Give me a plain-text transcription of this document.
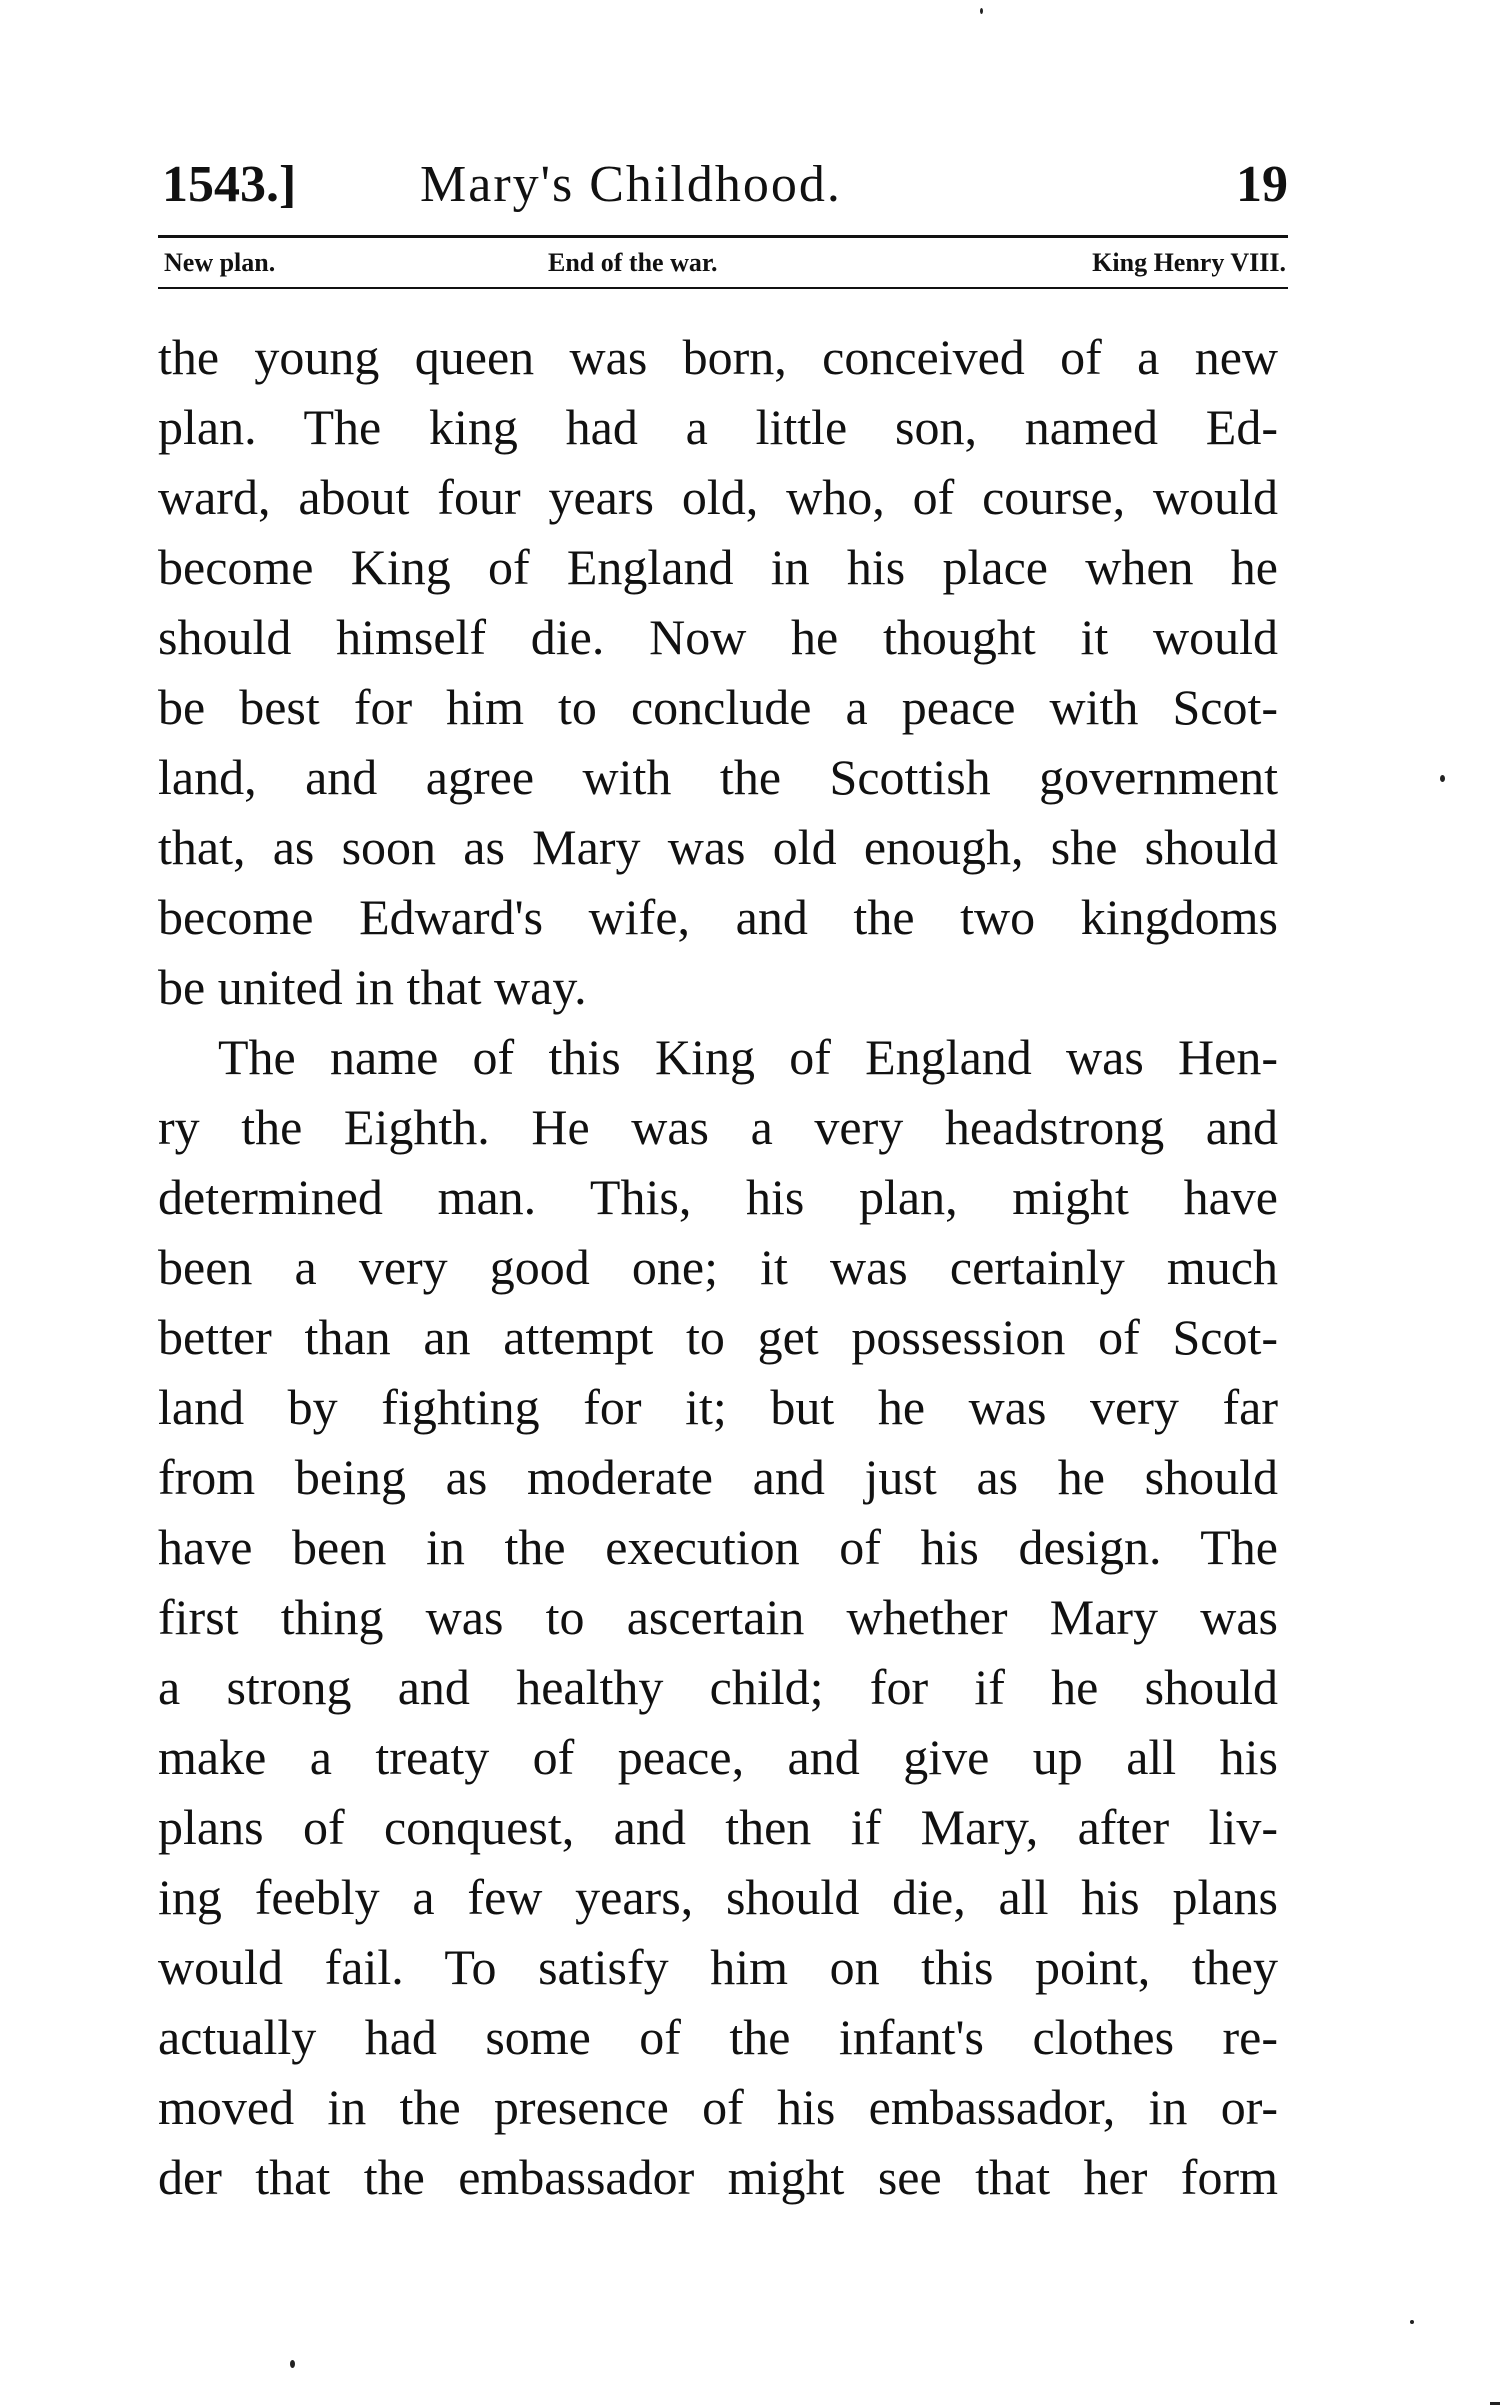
1543.] Mary's Childhood.	19
New plan.	End of the war.	King Henry VIII.
the young queen was born, conceived of a new
plan. The king had a little son, named Ed-
ward, about four years old, who, of course, would
become King of England in his place when he
should himself die. Now he thought it would
be best for him to conclude a peace with Scot-
land, and agree with the Scottish government
that, as soon as Mary was old enough, she should
become Edward's wife, and the two kingdoms
be united in that way.
The name of this King of England was Hen-
ry the Eighth. He was a very headstrong and
determined man. This, his plan, might have
been a very good one; it was certainly much
better than an attempt to get possession of Scot-
land by fighting for it; but he was very far
from being as moderate and just as he should
have been in the execution of his design. The
first thing was to ascertain whether Mary was
a strong and healthy child; for if he should
make a treaty of peace, and give up all his
plans of conquest, and then if Mary, after liv-
ing feebly a few years, should die, all his plans
would fail. To satisfy him on this point, they
actually had some of the infant's clothes re-
moved in the presence of his embassador, in or-
der that the embassador might see that her form
